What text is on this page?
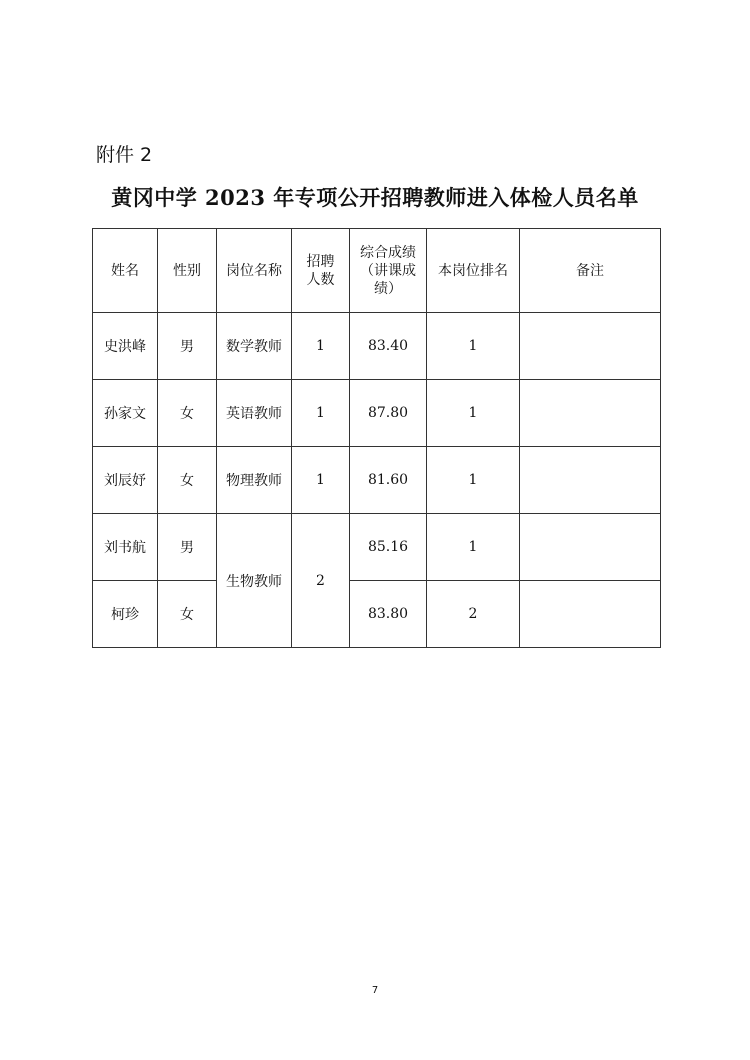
附件 2
黄冈中学 2023 年专项公开招聘教师进入体检人员名单
姓名	性别	岗位名称	招聘人数	综合成绩（讲课成绩）	本岗位排名	备注
史洪峰	男	数学教师	1	83.40	1	
孙家文	女	英语教师	1	87.80	1	
刘辰妤	女	物理教师	1	81.60	1	
刘书航	男	生物教师	2	85.16	1	
柯珍	女			83.80	2	
7
